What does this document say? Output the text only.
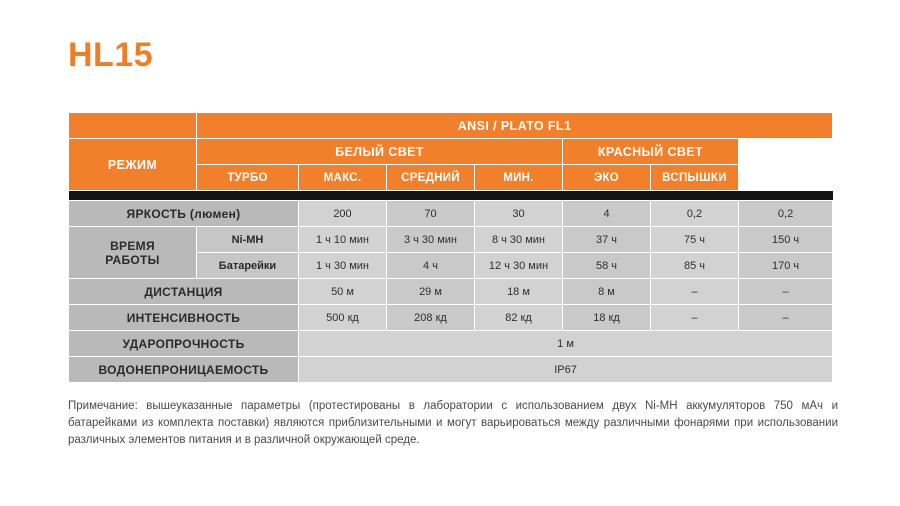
HL15
	ANSI / PLATO FL1						
РЕЖИМ	БЕЛЫЙ СВЕТ				КРАСНЫЙ СВЕТ		
	ТУРБО	МАКС.	СРЕДНИЙ	МИН.	ЭКО	ВСПЫШКИ	

ЯРКОСТЬ (люмен)		200	70	30	4	0,2	0,2

ВРЕМЯ
РАБОТЫ	Ni-MH	1 ч 10 мин	3 ч 30 мин	8 ч 30 мин	37 ч	75 ч	150 ч
	Батарейки	1 ч 30 мин	4 ч	12 ч 30 мин	58 ч	85 ч	170 ч
ДИСТАНЦИЯ		50 м	29 м	18 м	8 м	–	–
ИНТЕНСИВНОСТЬ		500 кд	208 кд	82 кд	18 кд	–	–
УДАРОПРОЧНОСТЬ		1 м					
ВОДОНЕПРОНИЦАЕМОСТЬ		IP67					
Примечание: вышеуказанные параметры (протестированы в лаборатории с использованием двух Ni-MH аккумуляторов 750 мАч и батарейками из комплекта поставки) являются приблизительными и могут варьироваться между различными фонарями при использовании различных элементов питания и в различной окружающей среде.
